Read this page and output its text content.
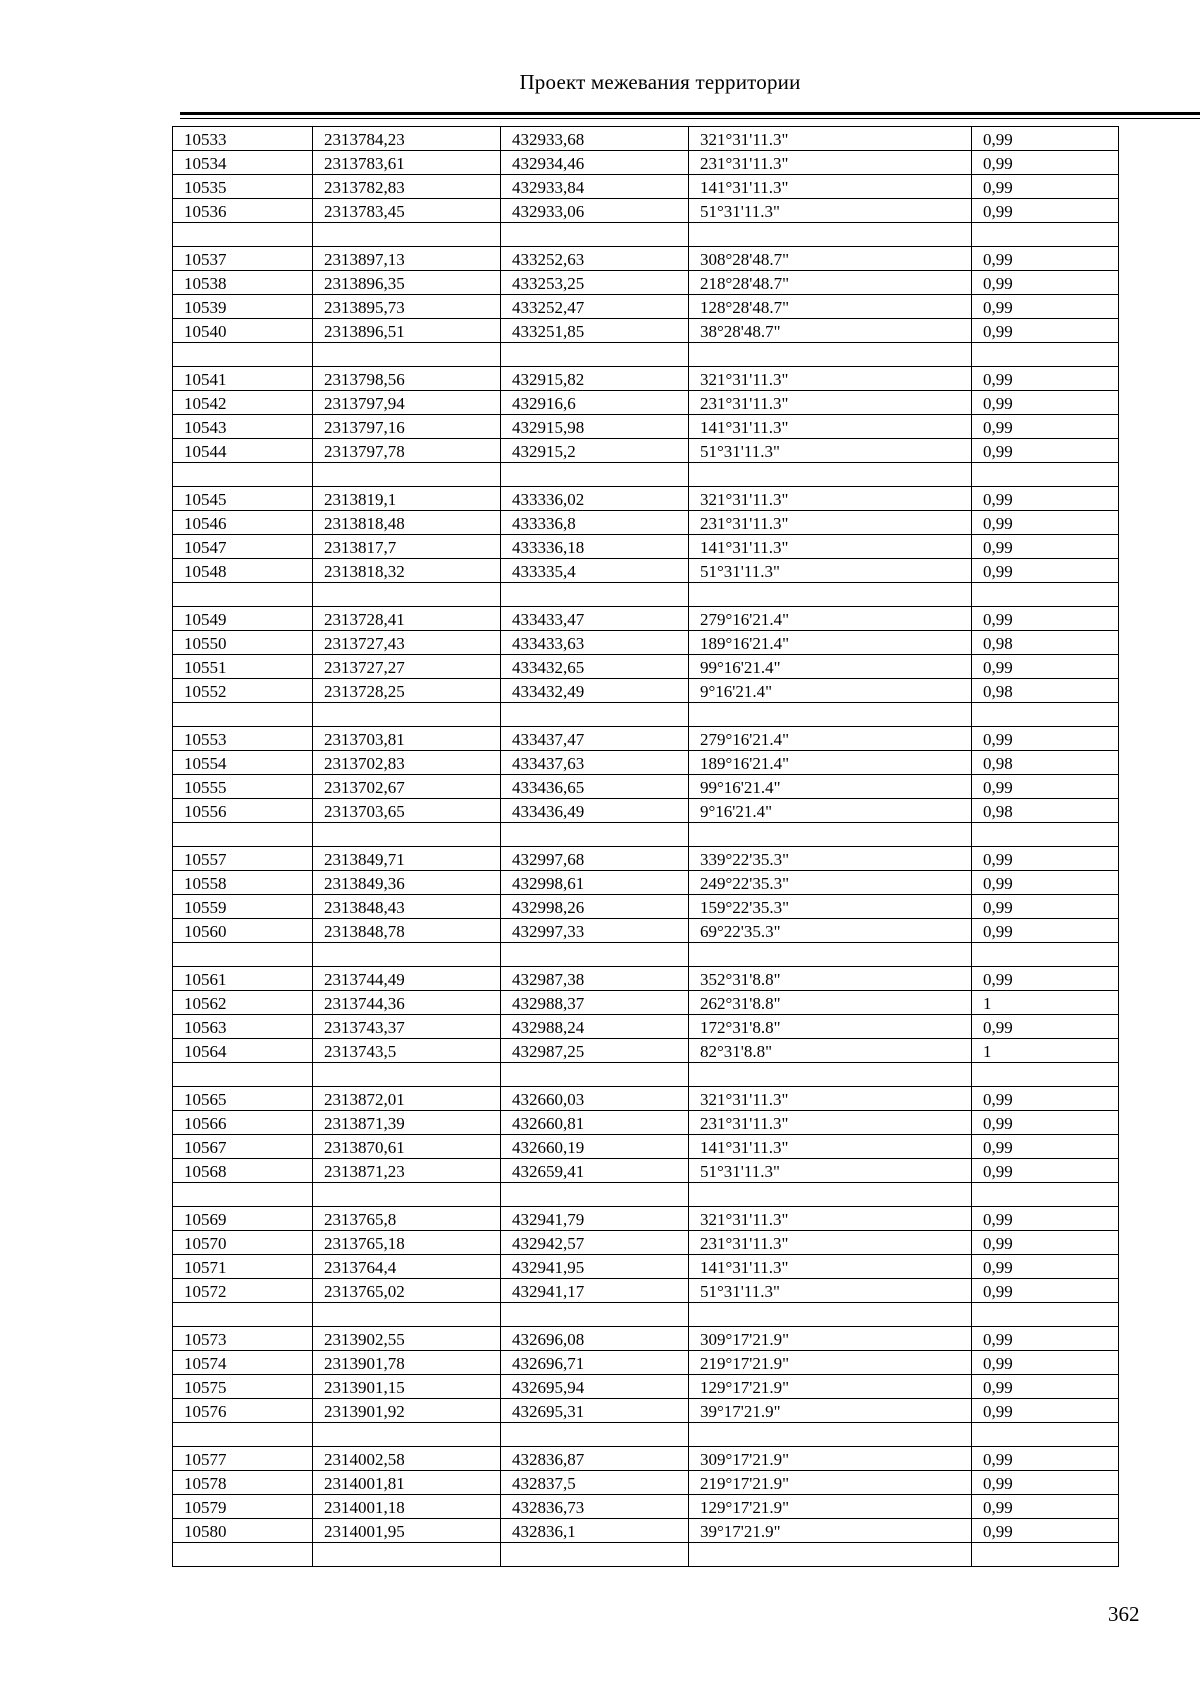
Проект межевания территории
10533	2313784,23	432933,68	321°31'11.3"	0,99
10534	2313783,61	432934,46	231°31'11.3"	0,99
10535	2313782,83	432933,84	141°31'11.3"	0,99
10536	2313783,45	432933,06	51°31'11.3"	0,99

10537	2313897,13	433252,63	308°28'48.7"	0,99
10538	2313896,35	433253,25	218°28'48.7"	0,99
10539	2313895,73	433252,47	128°28'48.7"	0,99
10540	2313896,51	433251,85	38°28'48.7"	0,99

10541	2313798,56	432915,82	321°31'11.3"	0,99
10542	2313797,94	432916,6	231°31'11.3"	0,99
10543	2313797,16	432915,98	141°31'11.3"	0,99
10544	2313797,78	432915,2	51°31'11.3"	0,99

10545	2313819,1	433336,02	321°31'11.3"	0,99
10546	2313818,48	433336,8	231°31'11.3"	0,99
10547	2313817,7	433336,18	141°31'11.3"	0,99
10548	2313818,32	433335,4	51°31'11.3"	0,99

10549	2313728,41	433433,47	279°16'21.4"	0,99
10550	2313727,43	433433,63	189°16'21.4"	0,98
10551	2313727,27	433432,65	99°16'21.4"	0,99
10552	2313728,25	433432,49	9°16'21.4"	0,98

10553	2313703,81	433437,47	279°16'21.4"	0,99
10554	2313702,83	433437,63	189°16'21.4"	0,98
10555	2313702,67	433436,65	99°16'21.4"	0,99
10556	2313703,65	433436,49	9°16'21.4"	0,98

10557	2313849,71	432997,68	339°22'35.3"	0,99
10558	2313849,36	432998,61	249°22'35.3"	0,99
10559	2313848,43	432998,26	159°22'35.3"	0,99
10560	2313848,78	432997,33	69°22'35.3"	0,99

10561	2313744,49	432987,38	352°31'8.8"	0,99
10562	2313744,36	432988,37	262°31'8.8"	1
10563	2313743,37	432988,24	172°31'8.8"	0,99
10564	2313743,5	432987,25	82°31'8.8"	1

10565	2313872,01	432660,03	321°31'11.3"	0,99
10566	2313871,39	432660,81	231°31'11.3"	0,99
10567	2313870,61	432660,19	141°31'11.3"	0,99
10568	2313871,23	432659,41	51°31'11.3"	0,99

10569	2313765,8	432941,79	321°31'11.3"	0,99
10570	2313765,18	432942,57	231°31'11.3"	0,99
10571	2313764,4	432941,95	141°31'11.3"	0,99
10572	2313765,02	432941,17	51°31'11.3"	0,99

10573	2313902,55	432696,08	309°17'21.9"	0,99
10574	2313901,78	432696,71	219°17'21.9"	0,99
10575	2313901,15	432695,94	129°17'21.9"	0,99
10576	2313901,92	432695,31	39°17'21.9"	0,99

10577	2314002,58	432836,87	309°17'21.9"	0,99
10578	2314001,81	432837,5	219°17'21.9"	0,99
10579	2314001,18	432836,73	129°17'21.9"	0,99
10580	2314001,95	432836,1	39°17'21.9"	0,99

362
